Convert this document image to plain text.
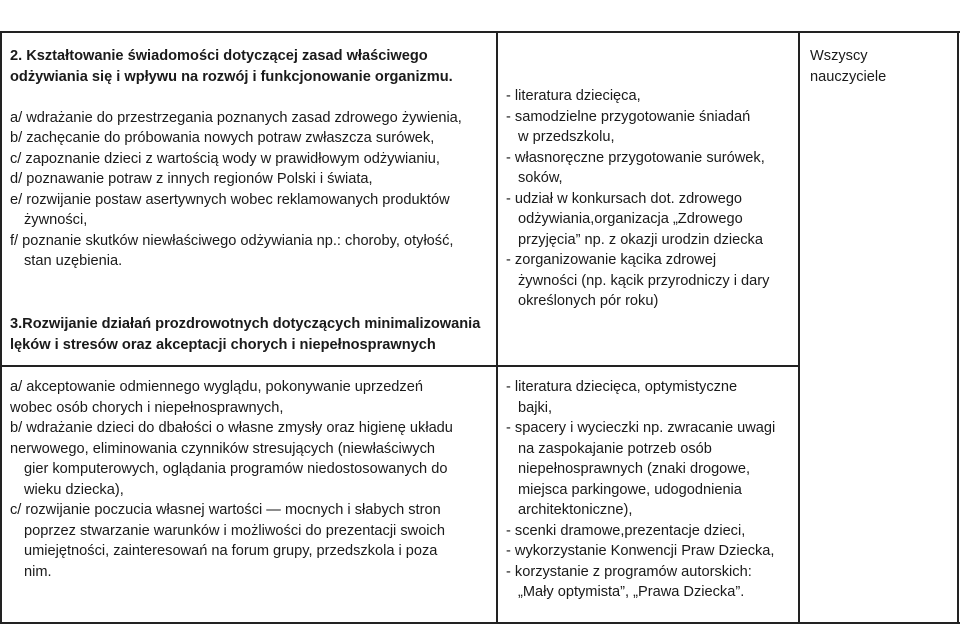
2. Kształtowanie świadomości dotyczącej zasad właściwego

odżywiania się i wpływu na rozwój i funkcjonowanie organizmu.

a/ wdrażanie do przestrzegania poznanych zasad zdrowego żywienia,

b/ zachęcanie do próbowania nowych potraw zwłaszcza surówek,

c/ zapoznanie dzieci z wartością wody w prawidłowym odżywianiu,

d/ poznawanie potraw z innych regionów Polski i świata,

e/ rozwijanie postaw asertywnych wobec reklamowanych produktów

żywności,

f/ poznanie skutków niewłaściwego odżywiania np.: choroby, otyłość,

stan uzębienia.

3.Rozwijanie działań prozdrowotnych dotyczących minimalizowania

lęków i stresów oraz akceptacji chorych i niepełnosprawnych

- literatura dziecięca,

- samodzielne przygotowanie śniadań

w przedszkolu,

- własnoręczne przygotowanie surówek,

soków,

- udział w konkursach dot. zdrowego

odżywiania,organizacja „Zdrowego

przyjęcia” np. z okazji urodzin dziecka

- zorganizowanie kącika zdrowej

żywności (np. kącik przyrodniczy i dary

określonych pór roku)

Wszyscy

nauczyciele

a/ akceptowanie odmiennego wyglądu, pokonywanie uprzedzeń

wobec osób chorych i niepełnosprawnych,

b/ wdrażanie dzieci do dbałości o własne zmysły oraz higienę układu

nerwowego, eliminowania czynników stresujących (niewłaściwych

gier komputerowych, oglądania programów niedostosowanych do

wieku dziecka),

c/ rozwijanie poczucia własnej wartości — mocnych i słabych stron

poprzez stwarzanie warunków i możliwości do prezentacji swoich

umiejętności, zainteresowań na forum grupy, przedszkola i poza

nim.

- literatura dziecięca, optymistyczne

bajki,

- spacery i wycieczki np. zwracanie uwagi

na zaspokajanie potrzeb osób

niepełnosprawnych (znaki drogowe,

miejsca parkingowe, udogodnienia

architektoniczne),

- scenki dramowe,prezentacje dzieci,

- wykorzystanie Konwencji Praw Dziecka,

- korzystanie z programów autorskich:

„Mały optymista”, „Prawa Dziecka”.
